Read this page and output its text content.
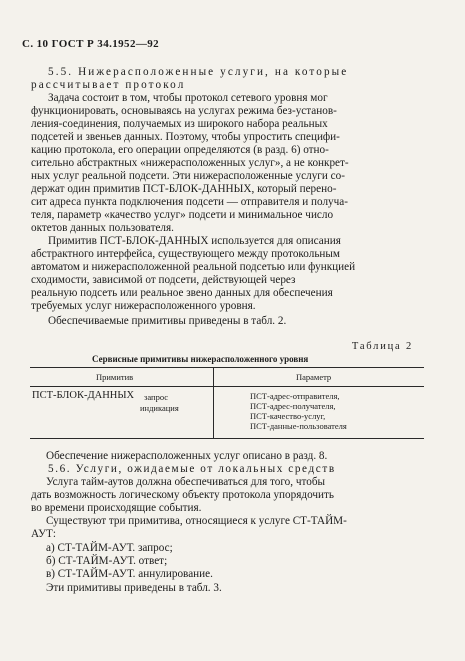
С. 10 ГОСТ Р 34.1952—92

5.5. Нижерасположенные услуги, на которые

рассчитывает протокол

Задача состоит в том, чтобы протокол сетевого уровня мог

функционировать, основываясь на услугах режима без-установ-

ления-соединения, получаемых из широкого набора реальных

подсетей и звеньев данных. Поэтому, чтобы упростить специфи-

кацию протокола, его операции определяются (в разд. 6) отно-

сительно абстрактных «нижерасположенных услуг», а не конкрет-

ных услуг реальной подсети. Эти нижерасположенные услуги со-

держат один примитив ПСТ-БЛОК-ДАННЫХ, который перено-

сит адреса пункта подключения подсети — отправителя и получа-

теля, параметр «качество услуг» подсети и минимальное число

октетов данных пользователя.

Примитив ПСТ-БЛОК-ДАННЫХ используется для описания

абстрактного интерфейса, существующего между протокольным

автоматом и нижерасположенной реальной подсетью или функцией

сходимости, зависимой от подсети, действующей через

реальную подсеть или реальное звено данных для обеспечения

требуемых услуг нижерасположенного уровня.

Обеспечиваемые примитивы приведены в табл. 2.

Таблица 2
Сервисные примитивы нижерасположенного уровня
Примитив	Параметр
ПСТ-БЛОК-ДАННЫХ запрос
индикация
ПСТ-адрес-отправителя,
ПСТ-адрес-получателя,
ПСТ-качество-услуг,
ПСТ-данные-пользователя

Обеспечение нижерасположенных услуг описано в разд. 8.

5.6. Услуги, ожидаемые от локальных средств

Услуга тайм-аутов должна обеспечиваться для того, чтобы

дать возможность логическому объекту протокола упорядочить

во времени происходящие события.

Существуют три примитива, относящиеся к услуге СТ-ТАЙМ-

АУТ:

а) СТ-ТАЙМ-АУТ. запрос;

б) СТ-ТАЙМ-АУТ. ответ;

в) СТ-ТАЙМ-АУТ. аннулирование.

Эти примитивы приведены в табл. 3.
